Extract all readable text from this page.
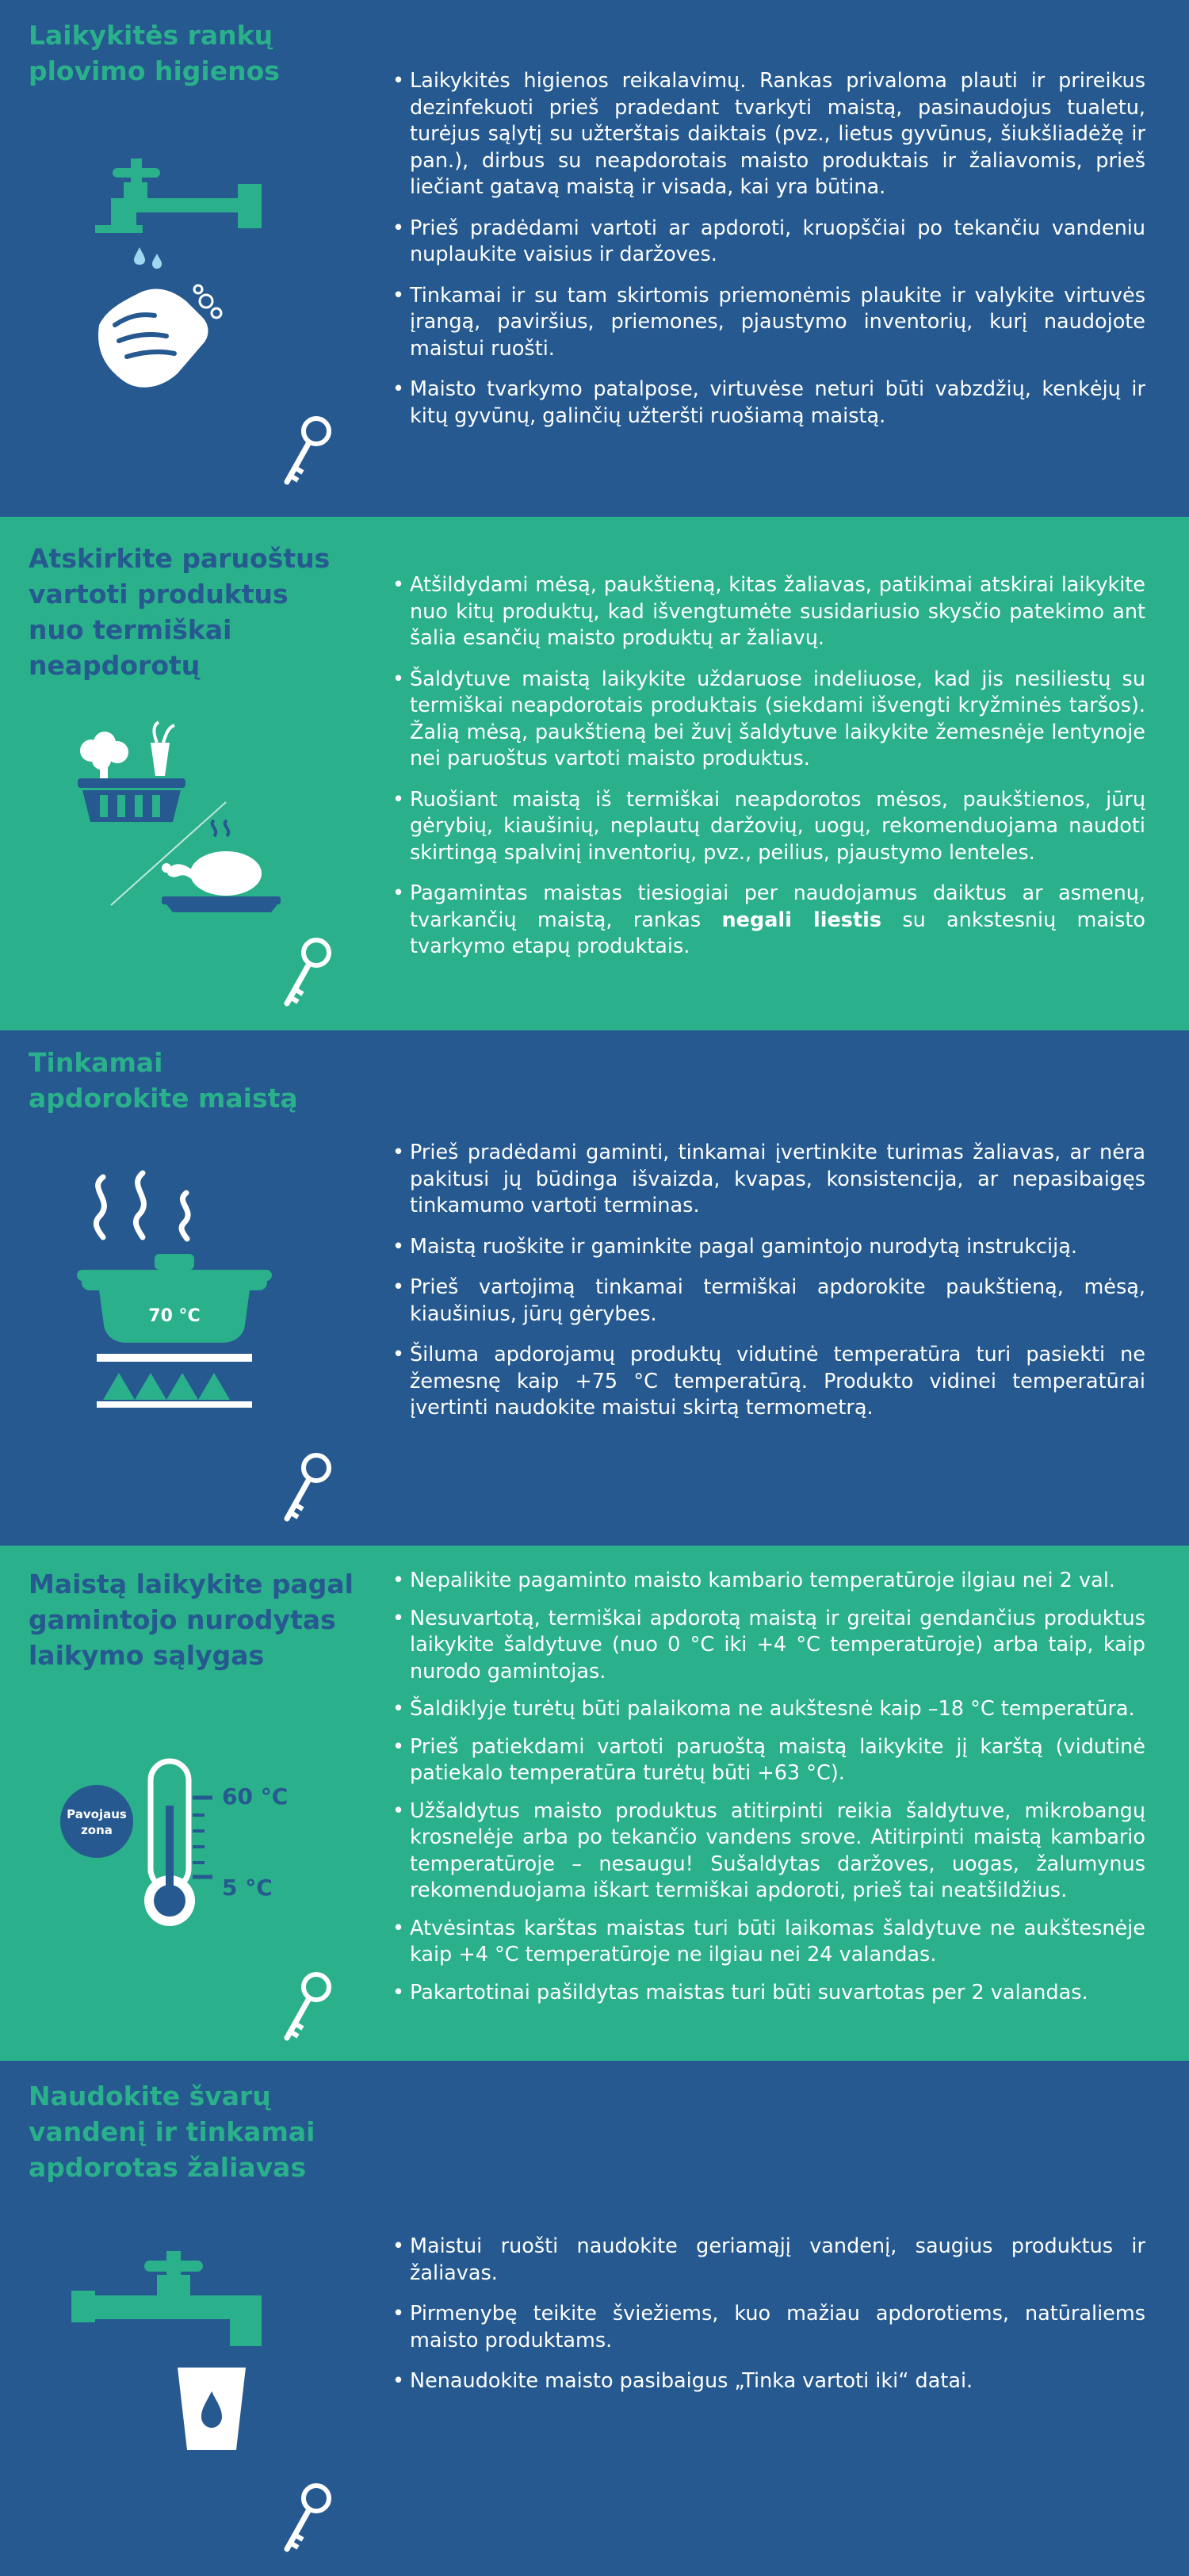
Laikykitės rankų
plovimo higienos
•	Laikykitės higienos reikalavimų. Rankas privaloma plauti ir prireikus dezinfekuoti prieš pradedant tvarkyti maistą, pasinaudojus tualetu, turėjus sąlytį su užterštais daiktais (pvz., lietus gyvūnus, šiukšliadėžę ir pan.), dirbus su neapdorotais maisto produktais ir žaliavomis, prieš liečiant gatavą maistą ir visada, kai yra būtina.
• Prieš pradėdami vartoti ar apdoroti, kruopščiai po tekančiu vandeniu nuplaukite vaisius ir daržoves.
• Tinkamai ir su tam skirtomis priemonėmis plaukite ir valykite virtuvės įrangą, paviršius, priemones, pjaustymo inventorių, kurį naudojote maistui ruošti.
• Maisto tvarkymo patalpose, virtuvėse neturi būti vabzdžių, kenkėjų ir kitų gyvūnų, galinčių užteršti ruošiamą maistą.
Atskirkite paruoštus
vartoti produktus
nuo termiškai
neapdorotų
• Atšildydami mėsą, paukštieną, kitas žaliavas, patikimai atskirai laikykite nuo kitų produktų, kad išvengtumėte susidariusio skysčio patekimo ant šalia esančių maisto produktų ar žaliavų.
• Šaldytuve maistą laikykite uždaruose indeliuose, kad jis nesiliestų su termiškai neapdorotais produktais (siekdami išvengti kryžminės taršos). Žalią mėsą, paukštieną bei žuvį šaldytuve laikykite žemesnėje lentynoje nei paruoštus vartoti maisto produktus.
• Ruošiant maistą iš termiškai neapdorotos mėsos, paukštienos, jūrų gėrybių, kiaušinių, neplautų daržovių, uogų, rekomenduojama naudoti skirtingą spalvinį inventorių, pvz., peilius, pjaustymo lenteles.
• Pagamintas maistas tiesiogiai per naudojamus daiktus ar asmenų, tvarkančių maistą, rankas negali liestis su ankstesnių maisto tvarkymo etapų produktais.
Tinkamai
apdorokite maistą
70 °C
• Prieš pradėdami gaminti, tinkamai įvertinkite turimas žaliavas, ar nėra pakitusi jų būdinga išvaizda, kvapas, konsistencija, ar nepasibaigęs tinkamumo vartoti terminas.
• Maistą ruoškite ir gaminkite pagal gamintojo nurodytą instrukciją.
• Prieš vartojimą tinkamai termiškai apdorokite paukštieną, mėsą, kiaušinius, jūrų gėrybes.
• Šiluma apdorojamų produktų vidutinė temperatūra turi pasiekti ne žemesnę kaip +75 °C temperatūrą. Produkto vidinei temperatūrai įvertinti naudokite maistui skirtą termometrą.
Maistą laikykite pagal
gamintojo nurodytas
laikymo sąlygas
Pavojaus
zona
60 °C
5 °C
• Nepalikite pagaminto maisto kambario temperatūroje ilgiau nei 2 val.
• Nesuvartotą, termiškai apdorotą maistą ir greitai gendančius produktus laikykite šaldytuve (nuo 0 °C iki +4 °C temperatūroje) arba taip, kaip nurodo gamintojas.
• Šaldiklyje turėtų būti palaikoma ne aukštesnė kaip –18 °C temperatūra.
• Prieš patiekdami vartoti paruoštą maistą laikykite jį karštą (vidutinė patiekalo temperatūra turėtų būti +63 °C).
• Užšaldytus maisto produktus atitirpinti reikia šaldytuve, mikrobangų krosnelėje arba po tekančio vandens srove. Atitirpinti maistą kambario temperatūroje – nesaugu! Sušaldytas daržoves, uogas, žalumynus rekomenduojama iškart termiškai apdoroti, prieš tai neatšildžius.
• Atvėsintas karštas maistas turi būti laikomas šaldytuve ne aukštesnėje kaip +4 °C temperatūroje ne ilgiau nei 24 valandas.
• Pakartotinai pašildytas maistas turi būti suvartotas per 2 valandas.
Naudokite švarų
vandenį ir tinkamai
apdorotas žaliavas
• Maistui ruošti naudokite geriamąjį vandenį, saugius produktus ir žaliavas.
• Pirmenybę teikite šviežiems, kuo mažiau apdorotiems, natūraliems maisto produktams.
• Nenaudokite maisto pasibaigus „Tinka vartoti iki“ datai.
